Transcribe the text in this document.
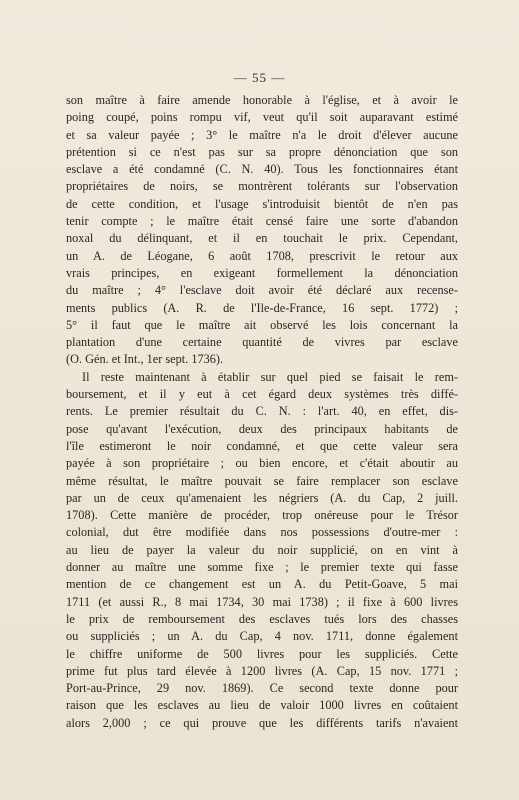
— 55 —
son maître à faire amende honorable à l'église, et à avoir le
poing coupé, poins rompu vif, veut qu'il soit auparavant estimé
et sa valeur payée ; 3° le maître n'a le droit d'élever aucune
prétention si ce n'est pas sur sa propre dénonciation que son
esclave a été condamné (C. N. 40). Tous les fonctionnaires étant
propriétaires de noirs, se montrèrent tolérants sur l'observation
de cette condition, et l'usage s'introduisit bientôt de n'en pas
tenir compte ; le maître était censé faire une sorte d'abandon
noxal du délinquant, et il en touchait le prix. Cependant,
un A. de Léogane, 6 août 1708, prescrivit le retour aux
vrais principes, en exigeant formellement la dénonciation
du maître ; 4° l'esclave doit avoir été déclaré aux recense-
ments publics (A. R. de l'Ile-de-France, 16 sept. 1772) ;
5° il faut que le maître ait observé les lois concernant la
plantation d'une certaine quantité de vivres par esclave
(O. Gén. et Int., 1er sept. 1736).
Il reste maintenant à établir sur quel pied se faisait le rem-
boursement, et il y eut à cet égard deux systèmes très diffé-
rents. Le premier résultait du C. N. : l'art. 40, en effet, dis-
pose qu'avant l'exécution, deux des principaux habitants de
l'île estimeront le noir condamné, et que cette valeur sera
payée à son propriétaire ; ou bien encore, et c'était aboutir au
même résultat, le maître pouvait se faire remplacer son esclave
par un de ceux qu'amenaient les négriers (A. du Cap, 2 juill.
1708). Cette manière de procéder, trop onéreuse pour le Trésor
colonial, dut être modifiée dans nos possessions d'outre-mer :
au lieu de payer la valeur du noir supplicié, on en vint à
donner au maître une somme fixe ; le premier texte qui fasse
mention de ce changement est un A. du Petit-Goave, 5 mai
1711 (et aussi R., 8 mai 1734, 30 mai 1738) ; il fixe à 600 livres
le prix de remboursement des esclaves tués lors des chasses
ou suppliciés ; un A. du Cap, 4 nov. 1711, donne également
le chiffre uniforme de 500 livres pour les suppliciés. Cette
prime fut plus tard élevée à 1200 livres (A. Cap, 15 nov. 1771 ;
Port-au-Prince, 29 nov. 1869). Ce second texte donne pour
raison que les esclaves au lieu de valoir 1000 livres en coûtaient
alors 2,000 ; ce qui prouve que les différents tarifs n'avaient
